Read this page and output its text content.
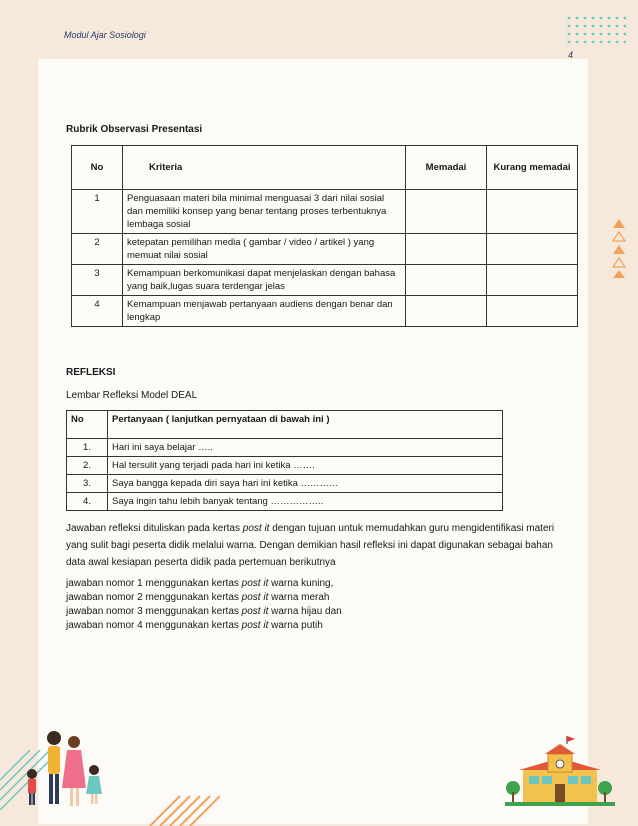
Modul Ajar Sosiologi
4
Rubrik Observasi Presentasi
No	Kriteria	Memadai	Kurang memadai
1	Penguasaan materi bila minimal menguasai 3 dari nilai sosial dan memiliki konsep yang benar tentang proses terbentuknya lembaga sosial		
2	ketepatan pemilihan media ( gambar / video / artikel ) yang memuat nilai sosial		
3	Kemampuan berkomunikasi dapat menjelaskan dengan bahasa yang baik,lugas suara terdengar jelas		
4	Kemampuan menjawab pertanyaan audiens dengan benar dan lengkap		
REFLEKSI
Lembar Refleksi Model DEAL
No	Pertanyaan ( lanjutkan pernyataan di bawah ini )
1.	Hari ini saya belajar …..
2.	Hal tersulit yang terjadi pada hari ini ketika …….
3.	Saya bangga kepada diri saya hari ini ketika …………
4.	Saya ingin tahu lebih banyak tentang ……………..
Jawaban refleksi dituliskan pada kertas post it dengan tujuan untuk memudahkan guru mengidentifikasi materi yang sulit bagi peserta didik melalui warna. Dengan demikian hasil refleksi ini dapat digunakan sebagai bahan data awal kesiapan peserta didik pada pertemuan berikutnya
jawaban nomor 1 menggunakan kertas post it warna kuning,
jawaban nomor 2 menggunakan kertas post it warna merah
jawaban nomor 3 menggunakan kertas post it warna hijau dan
jawaban nomor 4 menggunakan kertas post it warna putih
